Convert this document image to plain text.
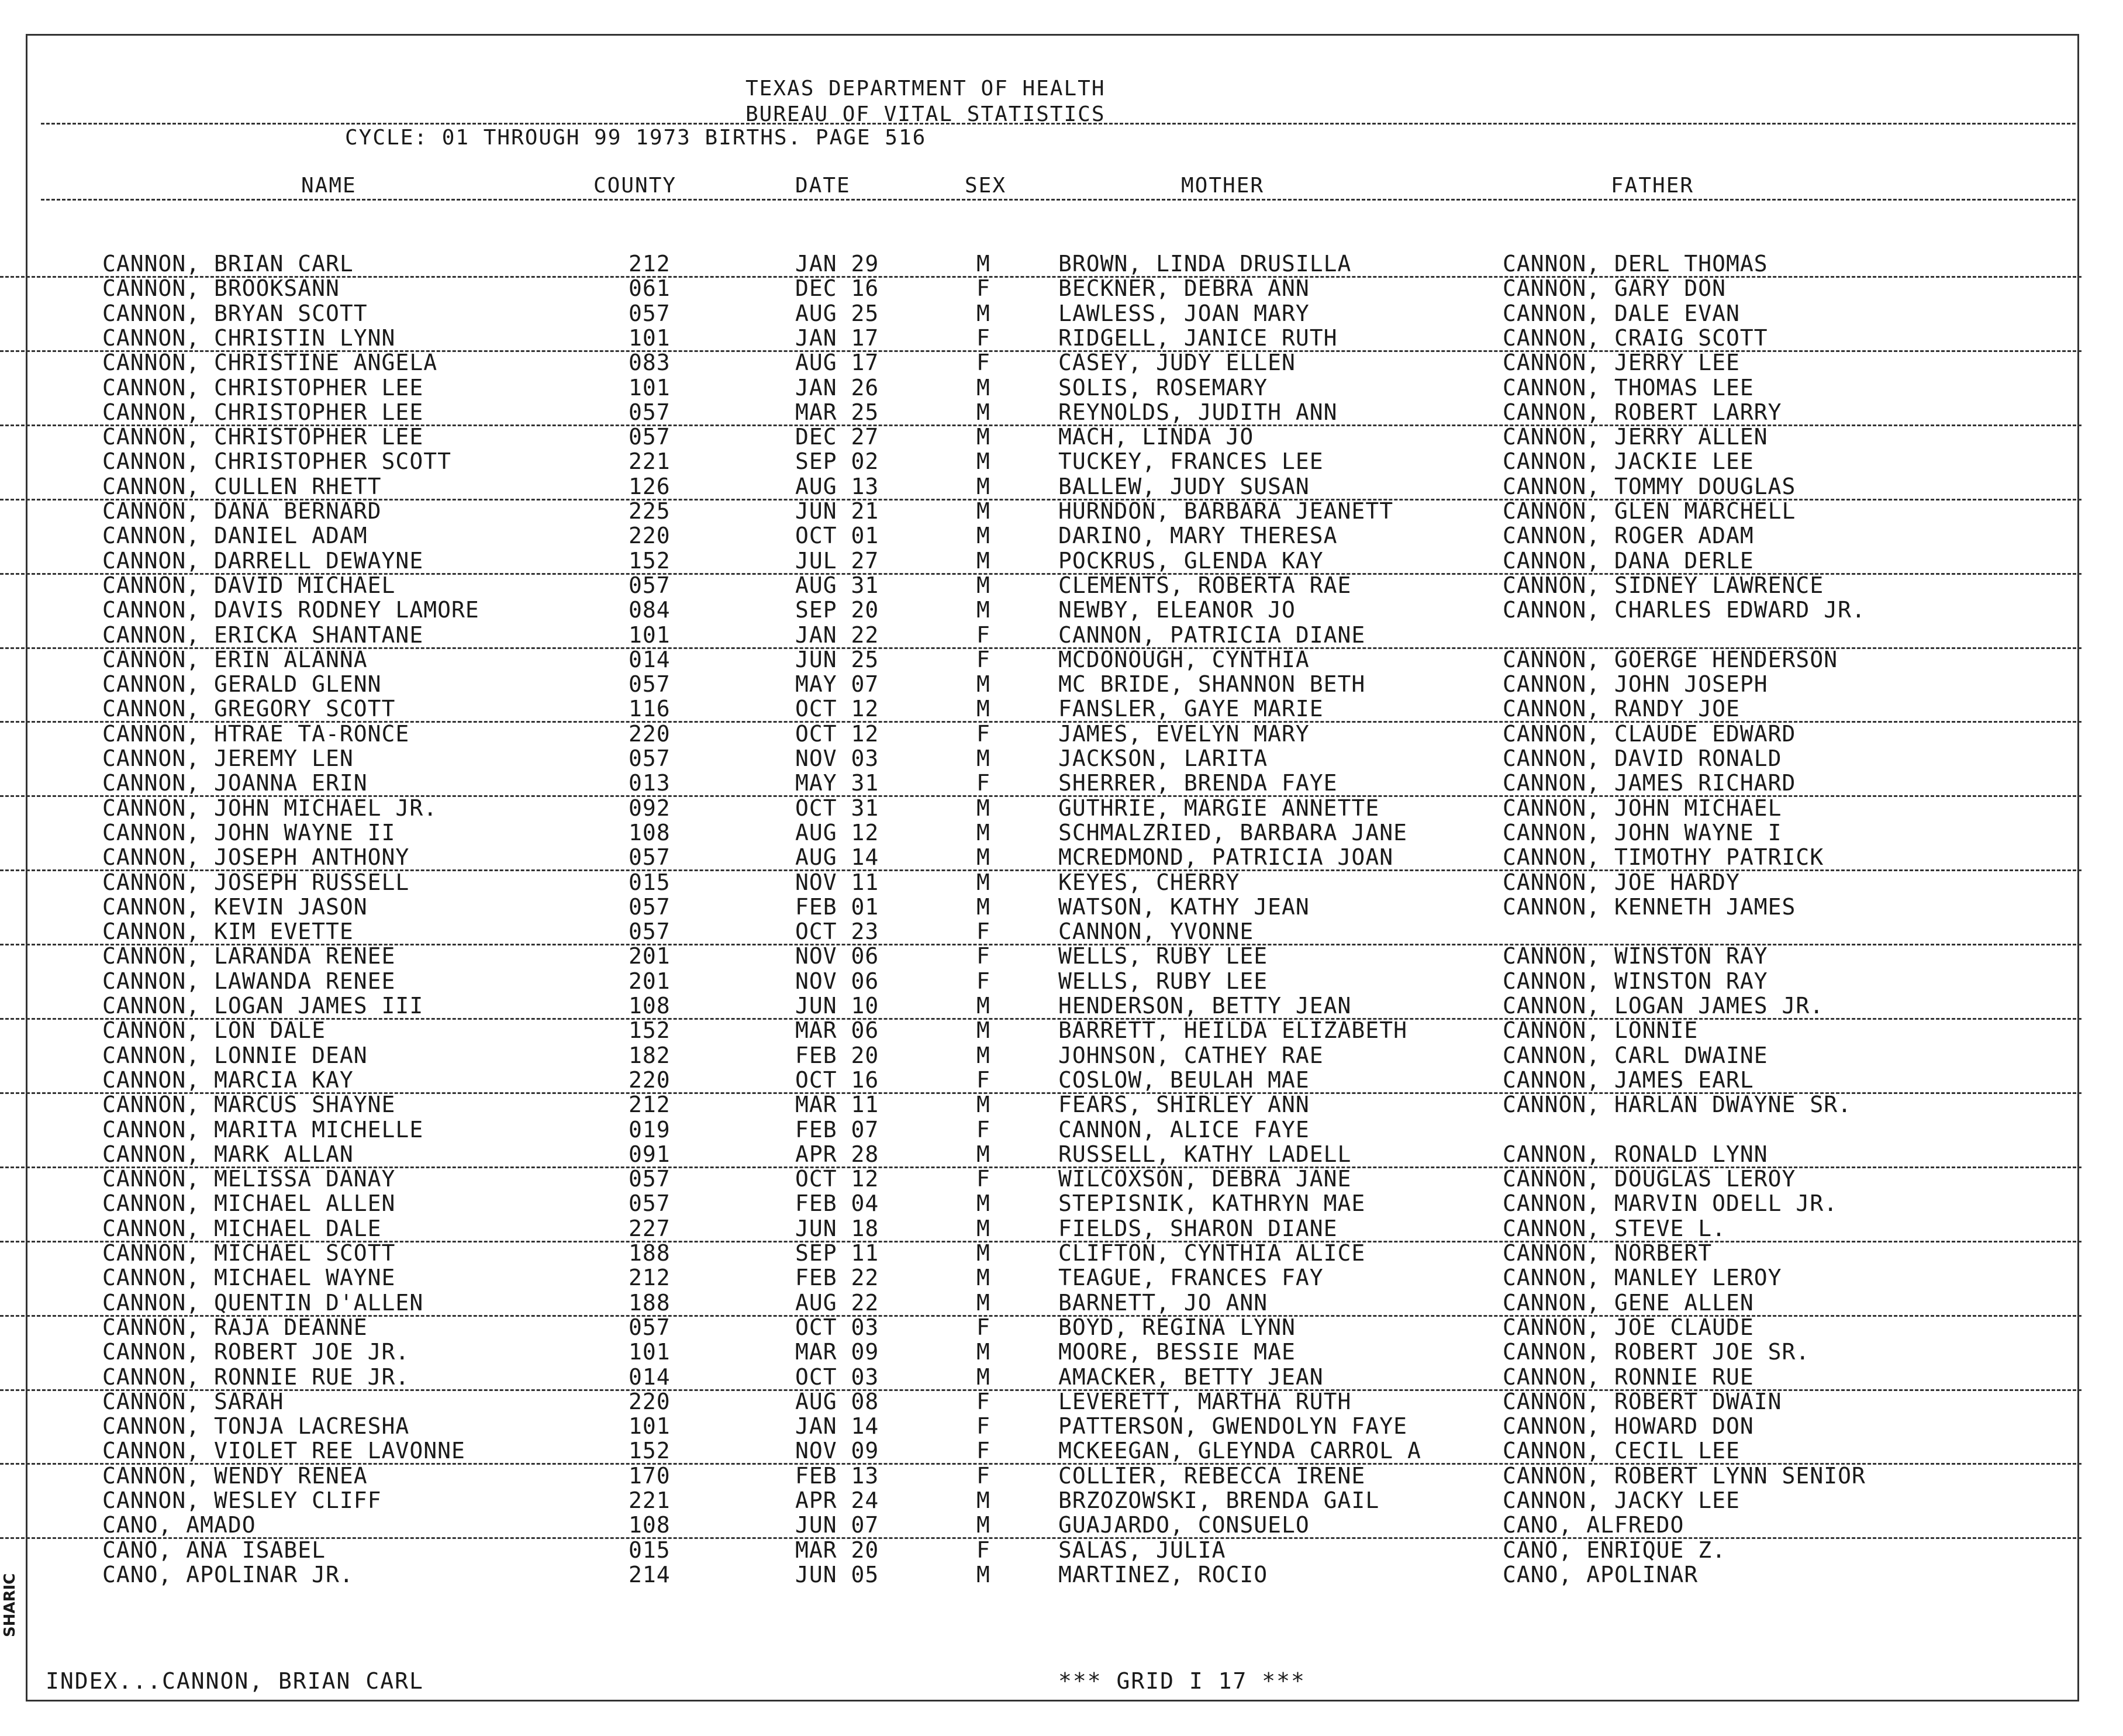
TEXAS DEPARTMENT OF HEALTH
BUREAU OF VITAL STATISTICS
CYCLE: 01 THROUGH 99 1973 BIRTHS. PAGE 516
NAME	COUNTY	DATE	SEX	MOTHER	FATHER
CANNON, BRIAN CARL	212	JAN 29	M	BROWN, LINDA DRUSILLA	CANNON, DERL THOMAS
CANNON, BROOKSANN	061	DEC 16	F	BECKNER, DEBRA ANN	CANNON, GARY DON
CANNON, BRYAN SCOTT	057	AUG 25	M	LAWLESS, JOAN MARY	CANNON, DALE EVAN
CANNON, CHRISTIN LYNN	101	JAN 17	F	RIDGELL, JANICE RUTH	CANNON, CRAIG SCOTT
CANNON, CHRISTINE ANGELA	083	AUG 17	F	CASEY, JUDY ELLEN	CANNON, JERRY LEE
CANNON, CHRISTOPHER LEE	101	JAN 26	M	SOLIS, ROSEMARY	CANNON, THOMAS LEE
CANNON, CHRISTOPHER LEE	057	MAR 25	M	REYNOLDS, JUDITH ANN	CANNON, ROBERT LARRY
CANNON, CHRISTOPHER LEE	057	DEC 27	M	MACH, LINDA JO	CANNON, JERRY ALLEN
CANNON, CHRISTOPHER SCOTT	221	SEP 02	M	TUCKEY, FRANCES LEE	CANNON, JACKIE LEE
CANNON, CULLEN RHETT	126	AUG 13	M	BALLEW, JUDY SUSAN	CANNON, TOMMY DOUGLAS
CANNON, DANA BERNARD	225	JUN 21	M	HURNDON, BARBARA JEANETT	CANNON, GLEN MARCHELL
CANNON, DANIEL ADAM	220	OCT 01	M	DARINO, MARY THERESA	CANNON, ROGER ADAM
CANNON, DARRELL DEWAYNE	152	JUL 27	M	POCKRUS, GLENDA KAY	CANNON, DANA DERLE
CANNON, DAVID MICHAEL	057	AUG 31	M	CLEMENTS, ROBERTA RAE	CANNON, SIDNEY LAWRENCE
CANNON, DAVIS RODNEY LAMORE	084	SEP 20	M	NEWBY, ELEANOR JO	CANNON, CHARLES EDWARD JR.
CANNON, ERICKA SHANTANE	101	JAN 22	F	CANNON, PATRICIA DIANE
CANNON, ERIN ALANNA	014	JUN 25	F	MCDONOUGH, CYNTHIA	CANNON, GOERGE HENDERSON
CANNON, GERALD GLENN	057	MAY 07	M	MC BRIDE, SHANNON BETH	CANNON, JOHN JOSEPH
CANNON, GREGORY SCOTT	116	OCT 12	M	FANSLER, GAYE MARIE	CANNON, RANDY JOE
CANNON, HTRAE TA-RONCE	220	OCT 12	F	JAMES, EVELYN MARY	CANNON, CLAUDE EDWARD
CANNON, JEREMY LEN	057	NOV 03	M	JACKSON, LARITA	CANNON, DAVID RONALD
CANNON, JOANNA ERIN	013	MAY 31	F	SHERRER, BRENDA FAYE	CANNON, JAMES RICHARD
CANNON, JOHN MICHAEL JR.	092	OCT 31	M	GUTHRIE, MARGIE ANNETTE	CANNON, JOHN MICHAEL
CANNON, JOHN WAYNE II	108	AUG 12	M	SCHMALZRIED, BARBARA JANE	CANNON, JOHN WAYNE I
CANNON, JOSEPH ANTHONY	057	AUG 14	M	MCREDMOND, PATRICIA JOAN	CANNON, TIMOTHY PATRICK
CANNON, JOSEPH RUSSELL	015	NOV 11	M	KEYES, CHERRY	CANNON, JOE HARDY
CANNON, KEVIN JASON	057	FEB 01	M	WATSON, KATHY JEAN	CANNON, KENNETH JAMES
CANNON, KIM EVETTE	057	OCT 23	F	CANNON, YVONNE
CANNON, LARANDA RENEE	201	NOV 06	F	WELLS, RUBY LEE	CANNON, WINSTON RAY
CANNON, LAWANDA RENEE	201	NOV 06	F	WELLS, RUBY LEE	CANNON, WINSTON RAY
CANNON, LOGAN JAMES III	108	JUN 10	M	HENDERSON, BETTY JEAN	CANNON, LOGAN JAMES JR.
CANNON, LON DALE	152	MAR 06	M	BARRETT, HEILDA ELIZABETH	CANNON, LONNIE
CANNON, LONNIE DEAN	182	FEB 20	M	JOHNSON, CATHEY RAE	CANNON, CARL DWAINE
CANNON, MARCIA KAY	220	OCT 16	F	COSLOW, BEULAH MAE	CANNON, JAMES EARL
CANNON, MARCUS SHAYNE	212	MAR 11	M	FEARS, SHIRLEY ANN	CANNON, HARLAN DWAYNE SR.
CANNON, MARITA MICHELLE	019	FEB 07	F	CANNON, ALICE FAYE
CANNON, MARK ALLAN	091	APR 28	M	RUSSELL, KATHY LADELL	CANNON, RONALD LYNN
CANNON, MELISSA DANAY	057	OCT 12	F	WILCOXSON, DEBRA JANE	CANNON, DOUGLAS LEROY
CANNON, MICHAEL ALLEN	057	FEB 04	M	STEPISNIK, KATHRYN MAE	CANNON, MARVIN ODELL JR.
CANNON, MICHAEL DALE	227	JUN 18	M	FIELDS, SHARON DIANE	CANNON, STEVE L.
CANNON, MICHAEL SCOTT	188	SEP 11	M	CLIFTON, CYNTHIA ALICE	CANNON, NORBERT
CANNON, MICHAEL WAYNE	212	FEB 22	M	TEAGUE, FRANCES FAY	CANNON, MANLEY LEROY
CANNON, QUENTIN D'ALLEN	188	AUG 22	M	BARNETT, JO ANN	CANNON, GENE ALLEN
CANNON, RAJA DEANNE	057	OCT 03	F	BOYD, REGINA LYNN	CANNON, JOE CLAUDE
CANNON, ROBERT JOE JR.	101	MAR 09	M	MOORE, BESSIE MAE	CANNON, ROBERT JOE SR.
CANNON, RONNIE RUE JR.	014	OCT 03	M	AMACKER, BETTY JEAN	CANNON, RONNIE RUE
CANNON, SARAH	220	AUG 08	F	LEVERETT, MARTHA RUTH	CANNON, ROBERT DWAIN
CANNON, TONJA LACRESHA	101	JAN 14	F	PATTERSON, GWENDOLYN FAYE	CANNON, HOWARD DON
CANNON, VIOLET REE LAVONNE	152	NOV 09	F	MCKEEGAN, GLEYNDA CARROL A	CANNON, CECIL LEE
CANNON, WENDY RENEA	170	FEB 13	F	COLLIER, REBECCA IRENE	CANNON, ROBERT LYNN SENIOR
CANNON, WESLEY CLIFF	221	APR 24	M	BRZOZOWSKI, BRENDA GAIL	CANNON, JACKY LEE
CANO, AMADO	108	JUN 07	M	GUAJARDO, CONSUELO	CANO, ALFREDO
CANO, ANA ISABEL	015	MAR 20	F	SALAS, JULIA	CANO, ENRIQUE Z.
CANO, APOLINAR JR.	214	JUN 05	M	MARTINEZ, ROCIO	CANO, APOLINAR
INDEX...CANNON, BRIAN CARL	*** GRID I 17 ***
SHARIC
